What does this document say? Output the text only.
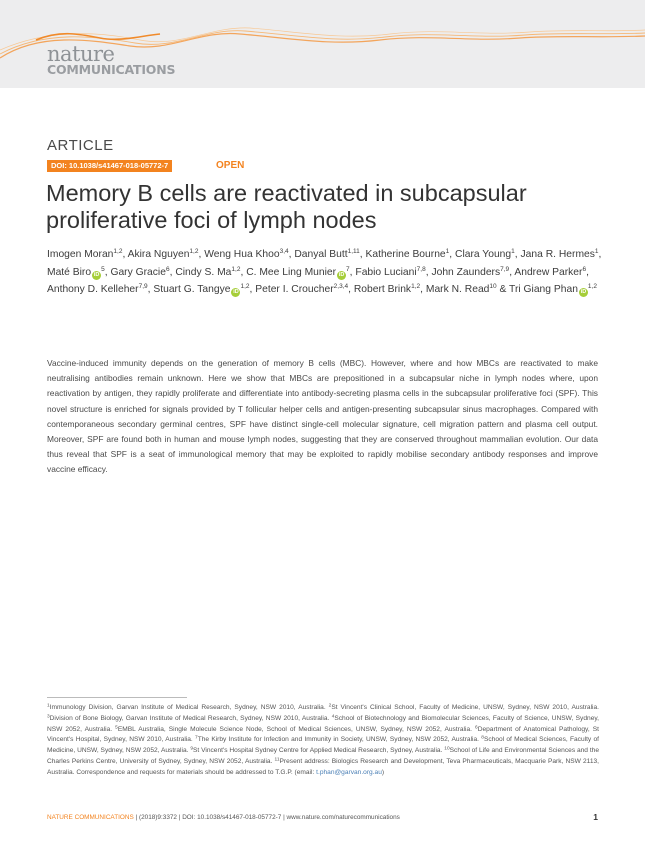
nature
COMMUNICATIONS
ARTICLE
DOI: 10.1038/s41467-018-05772-7	OPEN
Memory B cells are reactivated in subcapsular proliferative foci of lymph nodes
Imogen Moran$^{1,2}$, Akira Nguyen$^{1,2}$, Weng Hua Khoo$^{3,4}$, Danyal Butt$^{1,11}$, Katherine Bourne$^1$, Clara Young$^1$, Jana R. Hermes$^1$, Maté Biro $iD^5$, Gary Gracie$^6$, Cindy S. Ma$^{1,2}$, C. Mee Ling Munier $iD^7$, Fabio Luciani$^{7,8}$, John Zaunders$^{7,9}$, Andrew Parker$^6$, Anthony D. Kelleher$^{7,9}$, Stuart G. Tangye iD$^{1,2}$, Peter I. Croucher$^{2,3,4}$, Robert Brink$^{1,2}$, Mark N. Read$^{10}$ & Tri Giang Phan iD$^{1,2}$

Vaccine-induced immunity depends on the generation of memory B cells (MBC). However, where and how MBCs are reactivated to make neutralising antibodies remain unknown. Here we show that MBCs are prepositioned in a subcapsular niche in lymph nodes where, upon reactivation by antigen, they rapidly proliferate and differentiate into antibody-secreting plasma cells in the subcapsular proliferative foci (SPF). This novel structure is enriched for signals provided by T follicular helper cells and antigen-presenting subcapsular sinus macrophages. Compared with contemporaneous secondary germinal centres, SPF have distinct single-cell molecular signature, cell migration pattern and plasma cell output. Moreover, SPF are found both in human and mouse lymph nodes, suggesting that they are conserved throughout mammalian evolution. Our data thus reveal that SPF is a seat of immunological memory that may be exploited to rapidly mobilise secondary antibody responses and improve vaccine efficacy.

$^1$Immunology Division, Garvan Institute of Medical Research, Sydney, NSW 2010, Australia. $^2$St Vincent's Clinical School, Faculty of Medicine, UNSW, Sydney, NSW 2010, Australia. $^3$Division of Bone Biology, Garvan Institute of Medical Research, Sydney, NSW 2010, Australia. $^4$School of Biotechnology and Biomolecular Sciences, Faculty of Science, UNSW, Sydney, NSW 2052, Australia. $^5$EMBL Australia, Single Molecule Science Node, School of Medical Sciences, UNSW, Sydney, NSW 2052, Australia. $^6$Department of Anatomical Pathology, St Vincent's Hospital, Sydney, NSW 2010, Australia. $^7$The Kirby Institute for Infection and Immunity in Society, UNSW, Sydney, NSW 2052, Australia. $^8$School of Medical Sciences, Faculty of Medicine, UNSW, Sydney, NSW 2052, Australia. $^9$St Vincent's Hospital Sydney Centre for Applied Medical Research, Sydney, Australia. $^{10}$School of Life and Environmental Sciences and the Charles Perkins Centre, University of Sydney, Sydney, NSW 2052, Australia. $^{11}$Present address: Biologics Research and Development, Teva Pharmaceuticals, Macquarie Park, NSW 2113, Australia. Correspondence and requests for materials should be addressed to T.G.P. (email: t.phan@garvan.org.au)
NATURE COMMUNICATIONS | (2018)9:3372 | DOI: 10.1038/s41467-018-05772-7 | www.nature.com/naturecommunications	1
